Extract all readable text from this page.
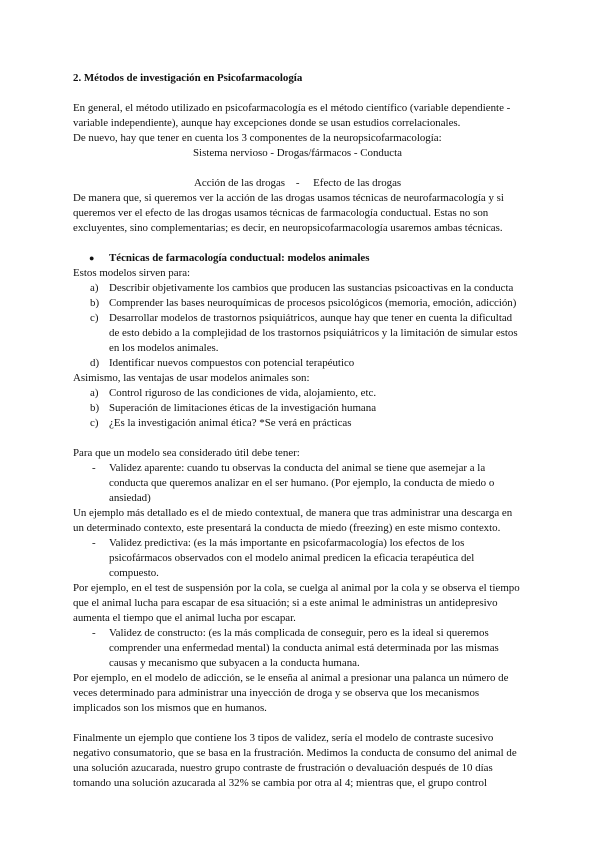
2. Métodos de investigación en Psicofarmacología
En general, el método utilizado en psicofarmacología es el método científico (variable dependiente -
variable independiente), aunque hay excepciones donde se usan estudios correlacionales.
De nuevo, hay que tener en cuenta los 3 componentes de la neuropsicofarmacología:
Sistema nervioso - Drogas/fármacos - Conducta
Acción de las drogas    -     Efecto de las drogas
De manera que, si queremos ver la acción de las drogas usamos técnicas de neurofarmacología y si
queremos ver el efecto de las drogas usamos técnicas de farmacología conductual. Estas no son
excluyentes, sino complementarias; es decir, en neuropsicofarmacología usaremos ambas técnicas.
● Técnicas de farmacología conductual: modelos animales
Estos modelos sirven para:
a) Describir objetivamente los cambios que producen las sustancias psicoactivas en la conducta
b) Comprender las bases neuroquímicas de procesos psicológicos (memoria, emoción, adicción)
c) Desarrollar modelos de trastornos psiquiátricos, aunque hay que tener en cuenta la dificultad
de esto debido a la complejidad de los trastornos psiquiátricos y la limitación de simular estos
en los modelos animales.
d) Identificar nuevos compuestos con potencial terapéutico
Asimismo, las ventajas de usar modelos animales son:
a) Control riguroso de las condiciones de vida, alojamiento, etc.
b) Superación de limitaciones éticas de la investigación humana
c) ¿Es la investigación animal ética? *Se verá en prácticas
Para que un modelo sea considerado útil debe tener:
- Validez aparente: cuando tu observas la conducta del animal se tiene que asemejar a la
conducta que queremos analizar en el ser humano. (Por ejemplo, la conducta de miedo o
ansiedad)
Un ejemplo más detallado es el de miedo contextual, de manera que tras administrar una descarga en
un determinado contexto, este presentará la conducta de miedo (freezing) en este mismo contexto.
- Validez predictiva: (es la más importante en psicofarmacología) los efectos de los
psicofármacos observados con el modelo animal predicen la eficacia terapéutica del
compuesto.
Por ejemplo, en el test de suspensión por la cola, se cuelga al animal por la cola y se observa el tiempo
que el animal lucha para escapar de esa situación; si a este animal le administras un antidepresivo
aumenta el tiempo que el animal lucha por escapar.
- Validez de constructo: (es la más complicada de conseguir, pero es la ideal si queremos
comprender una enfermedad mental) la conducta animal está determinada por las mismas
causas y mecanismo que subyacen a la conducta humana.
Por ejemplo, en el modelo de adicción, se le enseña al animal a presionar una palanca un número de
veces determinado para administrar una inyección de droga y se observa que los mecanismos
implicados son los mismos que en humanos.
Finalmente un ejemplo que contiene los 3 tipos de validez, sería el modelo de contraste sucesivo
negativo consumatorio, que se basa en la frustración. Medimos la conducta de consumo del animal de
una solución azucarada, nuestro grupo contraste de frustración o devaluación después de 10 días
tomando una solución azucarada al 32% se cambia por otra al 4; mientras que, el grupo control
